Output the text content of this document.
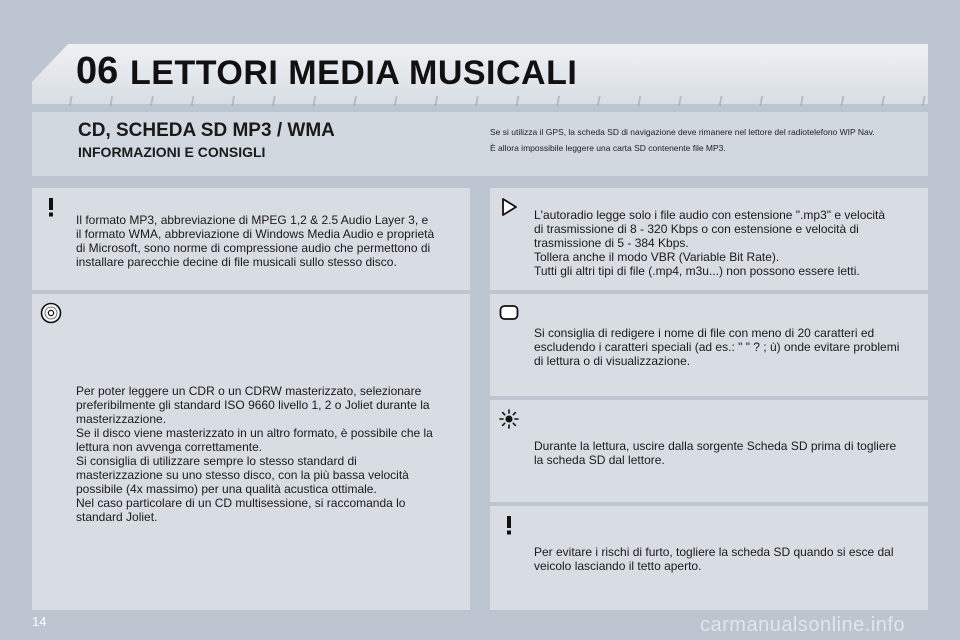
06 LETTORI MEDIA MUSICALI
CD, SCHEDA SD MP3 / WMA
INFORMAZIONI E CONSIGLI
Se si utilizza il GPS, la scheda SD di navigazione deve rimanere nel lettore del radiotelefono WIP Nav.
È allora impossibile leggere una carta SD contenente file MP3.
Il formato MP3, abbreviazione di MPEG 1,2 & 2.5 Audio Layer 3, e
il formato WMA, abbreviazione di Windows Media Audio e proprietà
di Microsoft, sono norme di compressione audio che permettono di
installare parecchie decine di file musicali sullo stesso disco.
Per poter leggere un CDR o un CDRW masterizzato, selezionare
preferibilmente gli standard ISO 9660 livello 1, 2 o Joliet durante la
masterizzazione.
Se il disco viene masterizzato in un altro formato, è possibile che la
lettura non avvenga correttamente.
Si consiglia di utilizzare sempre lo stesso standard di
masterizzazione su uno stesso disco, con la più bassa velocità
possibile (4x massimo) per una qualità acustica ottimale.
Nel caso particolare di un CD multisessione, si raccomanda lo
standard Joliet.
L'autoradio legge solo i file audio con estensione ".mp3" e velocità
di trasmissione di 8 - 320 Kbps o con estensione e velocità di
trasmissione di 5 - 384 Kbps.
Tollera anche il modo VBR (Variable Bit Rate).
Tutti gli altri tipi di file (.mp4, m3u...) non possono essere letti.
Si consiglia di redigere i nome di file con meno di 20 caratteri ed
escludendo i caratteri speciali (ad es.: " " ? ; ù) onde evitare problemi
di lettura o di visualizzazione.
Durante la lettura, uscire dalla sorgente Scheda SD prima di togliere
la scheda SD dal lettore.
Per evitare i rischi di furto, togliere la scheda SD quando si esce dal
veicolo lasciando il tetto aperto.
14	carmanualsonline.info
